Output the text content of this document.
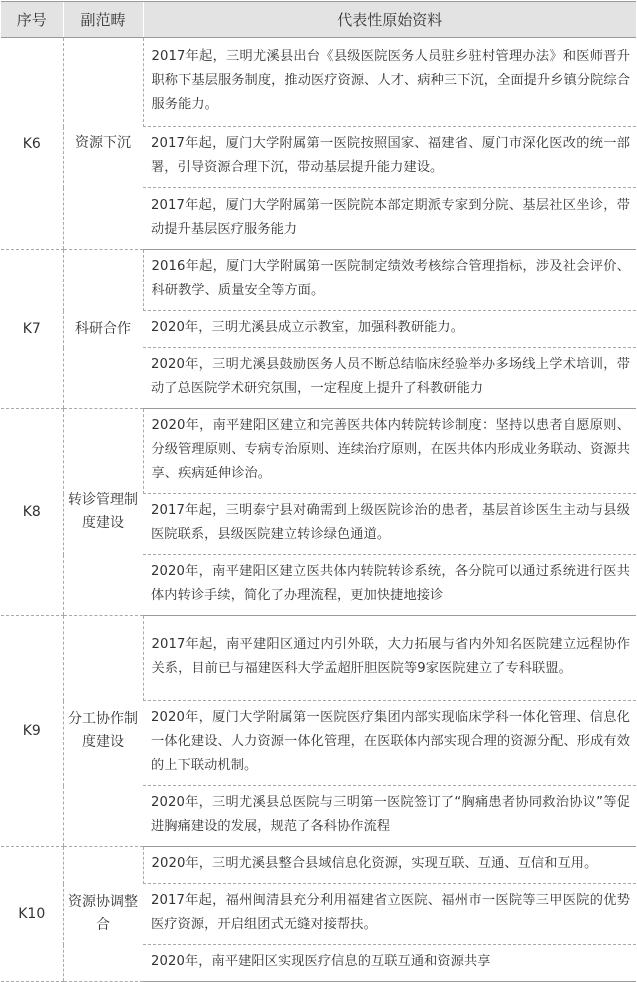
序号	副范畴	代表性原始资料
K6	资源下沉	2017年起，三明尤溪县出台《县级医院医务人员驻乡驻村管理办法》和医师晋升职称下基层服务制度，推动医疗资源、人才、病种三下沉，全面提升乡镇分院综合服务能力。
		2017年起，厦门大学附属第一医院按照国家、福建省、厦门市深化医改的统一部署，引导资源合理下沉，带动基层提升能力建设。
		2017年起，厦门大学附属第一医院院本部定期派专家到分院、基层社区坐诊，带动提升基层医疗服务能力
K7	科研合作	2016年起，厦门大学附属第一医院制定绩效考核综合管理指标，涉及社会评价、科研教学、质量安全等方面。
		2020年，三明尤溪县成立示教室，加强科教研能力。
		2020年，三明尤溪县鼓励医务人员不断总结临床经验举办多场线上学术培训，带动了总医院学术研究氛围，一定程度上提升了科教研能力
K8	转诊管理制度建设	2020年，南平建阳区建立和完善医共体内转院转诊制度：坚持以患者自愿原则、分级管理原则、专病专治原则、连续治疗原则，在医共体内形成业务联动、资源共享、疾病延伸诊治。
		2017年起，三明泰宁县对确需到上级医院诊治的患者，基层首诊医生主动与县级医院联系，县级医院建立转诊绿色通道。
		2020年，南平建阳区建立医共体内转院转诊系统，各分院可以通过系统进行医共体内转诊手续，简化了办理流程，更加快捷地接诊
K9	分工协作制度建设	2017年起，南平建阳区通过内引外联，大力拓展与省内外知名医院建立远程协作关系，目前已与福建医科大学孟超肝胆医院等9家医院建立了专科联盟。
		2020年，厦门大学附属第一医院医疗集团内部实现临床学科一体化管理、信息化一体化建设、人力资源一体化管理，在医联体内部实现合理的资源分配、形成有效的上下联动机制。
		2020年，三明尤溪县总医院与三明第一医院签订了“胸痛患者协同救治协议”等促进胸痛建设的发展，规范了各科协作流程
K10	资源协调整合	2020年，三明尤溪县整合县域信息化资源，实现互联、互通、互信和互用。
		2017年起，福州闽清县充分利用福建省立医院、福州市一医院等三甲医院的优势医疗资源，开启组团式无缝对接帮扶。
		2020年，南平建阳区实现医疗信息的互联互通和资源共享
